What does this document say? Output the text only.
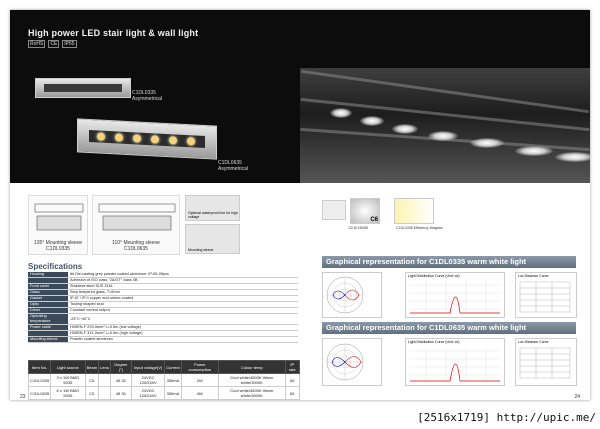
High power LED stair light & wall light
RoHS	CE	IP65
C1DL0335
Asymmetrical
C1DL0635
Asymmetrical
135° Mounting sleeve
C1DL0335
110° Mounting sleeve
C1DL0635
Optional waterproof box for high voltage
Mounting sleeve
C6
1/2 Ø 150/60	C1DL0335 Efficiency Diagram
Specifications
Housing	6# Die-casting grey powder coated aluminum, IP-65-95pcs
	Adhesion of ISO class "2A/GT" class 4B
Front cover	Stainless steel SUS 316L
Glass	Step tempered glass, T=6mm
Gasket	IP 67 / IP 0 copper and rubber coated
Optic	Tooling shaped seal
Driver	Constant current output
Operating temperature	-25°C~40°C
Power cable	H05RN-F 2X0.5mm² L=0.5m (low voltage)
	H05RN-F 3X1.0mm² L=0.5m (high voltage)
Mounting sleeve	Powder coated aluminum
Item No.	Light source	Beam	Lens	Degree (°)	Input voltage(V)	Current	Power consumption	Colour temp	IP rate
C1DL0335	3 x 1W BMO 5035	C5		45 30	24VDC 120/240V	350mA	2W	Cool white/4500K Warm white/3000K	65
C1DL0635	6 x 1W BMO 5035	C5		45 30	24VDC 120/240V	350mA	4W	Cool white/4500K Warm white/3000K	65
23	24
Graphical representation for C1DL0335 warm white light
Graphical representation for C1DL0635 warm white light
Light Distribution Curve (Unit: cd)	Lux Distance Curve
Light Distribution Curve (Unit: cd)	Lux Distance Curve
[2516x1719] http://upic.me/
